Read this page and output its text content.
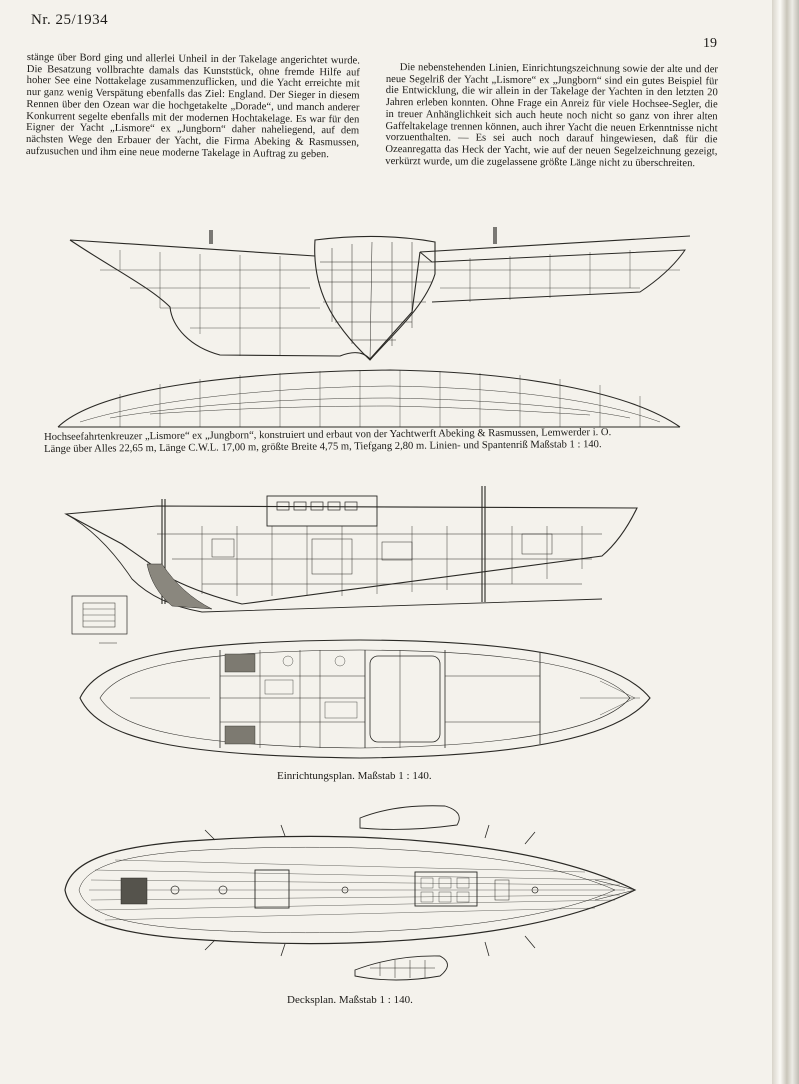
Nr. 25/1934
19

stänge über Bord ging und allerlei Unheil in der Takelage angerichtet wurde. Die Besatzung vollbrachte damals das Kunststück, ohne fremde Hilfe auf hoher See eine Nottakelage zusammenzuflicken, und die Yacht erreichte mit nur ganz wenig Verspätung ebenfalls das Ziel: England. Der Sieger in diesem Rennen über den Ozean war die hochgetakelte „Dorade“, und manch anderer Konkurrent segelte ebenfalls mit der modernen Hochtakelage. Es war für den Eigner der Yacht „Lismore“ ex „Jungborn“ daher naheliegend, auf dem nächsten Wege den Erbauer der Yacht, die Firma Abeking & Rasmussen, aufzusuchen und ihm eine neue moderne Takelage in Auftrag zu geben.

Die nebenstehenden Linien, Einrichtungszeichnung sowie der alte und der neue Segelriß der Yacht „Lismore“ ex „Jungborn“ sind ein gutes Beispiel für die Entwicklung, die wir allein in der Takelage der Yachten in den letzten 20 Jahren erleben konnten. Ohne Frage ein Anreiz für viele Hochsee-Segler, die in treuer Anhänglichkeit sich auch heute noch nicht so ganz von ihrer alten Gaffeltakelage trennen können, auch ihrer Yacht die neuen Erkenntnisse nicht vorzuenthalten. — Es sei auch noch darauf hingewiesen, daß für die Ozeanregatta das Heck der Yacht, wie auf der neuen Segelzeichnung gezeigt, verkürzt wurde, um die zugelassene größte Länge nicht zu überschreiten.

Hochseefahrtenkreuzer „Lismore“ ex „Jungborn“, konstruiert und erbaut von der Yachtwerft Abeking & Rasmussen, Lemwerder i. O.
Länge über Alles 22,65 m, Länge C.W.L. 17,00 m, größte Breite 4,75 m, Tiefgang 2,80 m. Linien- und Spantenriß Maßstab 1 : 140.
Einrichtungsplan. Maßstab 1 : 140.
Decksplan. Maßstab 1 : 140.
